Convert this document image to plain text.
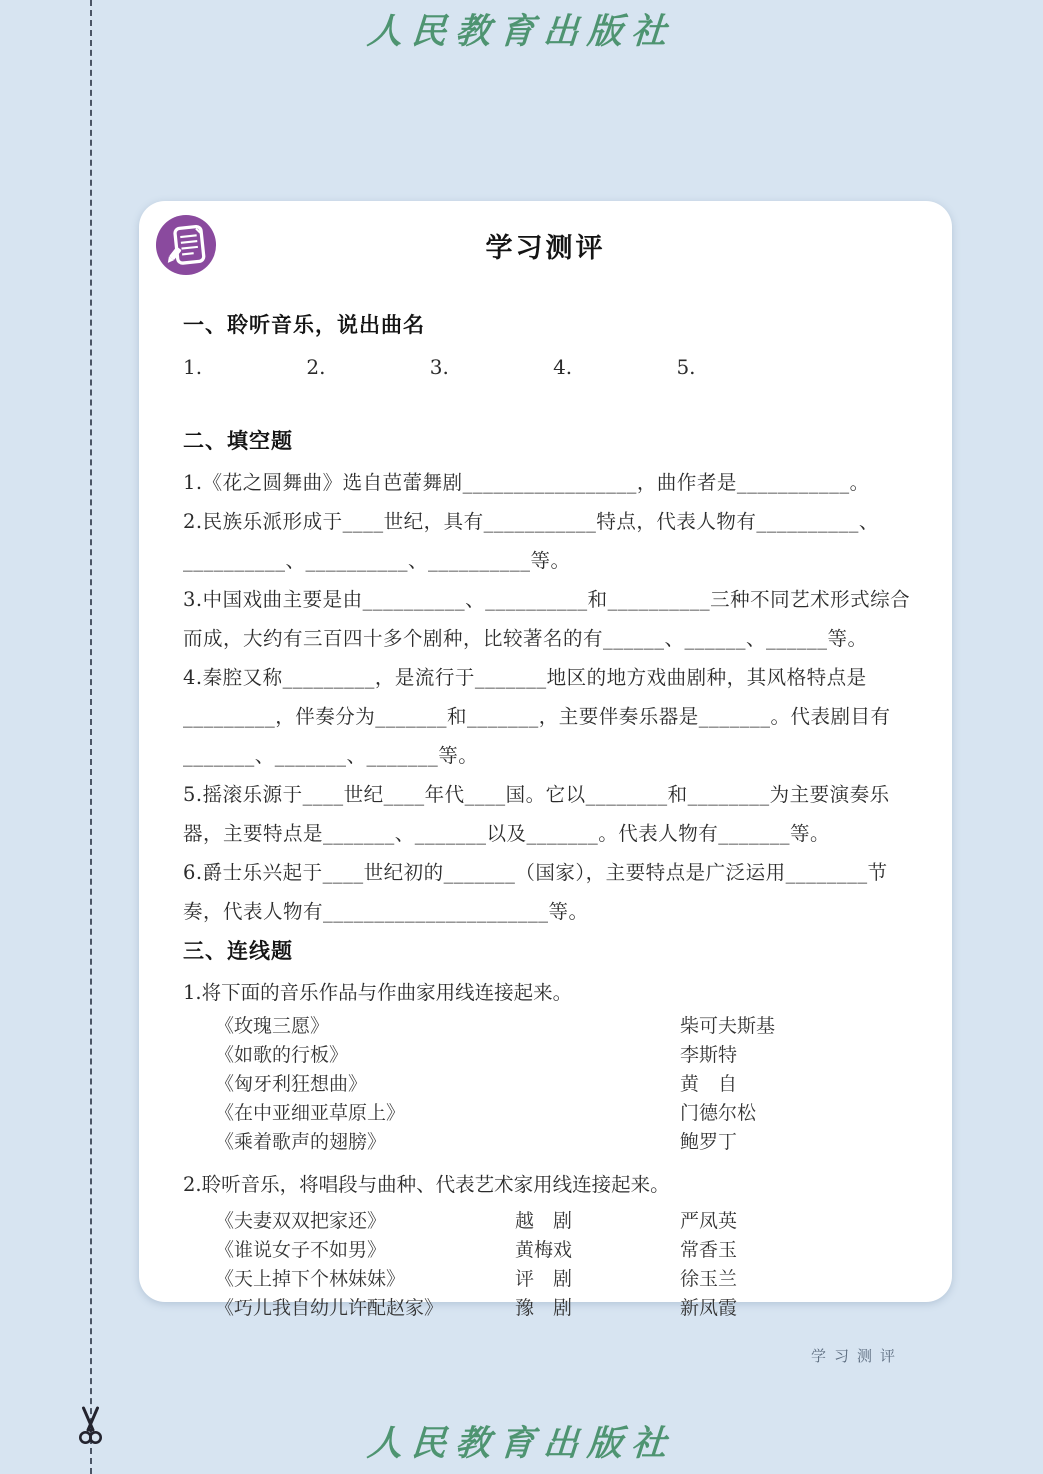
人民教育出版社
人民教育出版社
学习测评
一、聆听音乐，说出曲名
1.	2.	3.	4.	5.
二、填空题

1.《花之圆舞曲》选自芭蕾舞剧_________________，曲作者是___________。

2.民族乐派形成于____世纪，具有___________特点，代表人物有__________、__________、__________、__________等。

3.中国戏曲主要是由__________、__________和__________三种不同艺术形式综合而成，大约有三百四十多个剧种，比较著名的有______、______、______等。

4.秦腔又称_________，是流行于_______地区的地方戏曲剧种，其风格特点是_________，伴奏分为_______和_______，主要伴奏乐器是_______。代表剧目有_______、_______、_______等。

5.摇滚乐源于____世纪____年代____国。它以________和________为主要演奏乐器，主要特点是_______、_______以及_______。代表人物有_______等。

6.爵士乐兴起于____世纪初的_______（国家），主要特点是广泛运用________节奏，代表人物有______________________等。

三、连线题

1.将下面的音乐作品与作曲家用线连接起来。

《玫瑰三愿》	柴可夫斯基
《如歌的行板》	李斯特
《匈牙利狂想曲》	黄　自
《在中亚细亚草原上》	门德尔松
《乘着歌声的翅膀》	鲍罗丁

2.聆听音乐，将唱段与曲种、代表艺术家用线连接起来。

《夫妻双双把家还》	越　剧	严凤英
《谁说女子不如男》	黄梅戏	常香玉
《天上掉下个林妹妹》	评　剧	徐玉兰
《巧儿我自幼儿许配赵家》	豫　剧	新凤霞
学习测评
